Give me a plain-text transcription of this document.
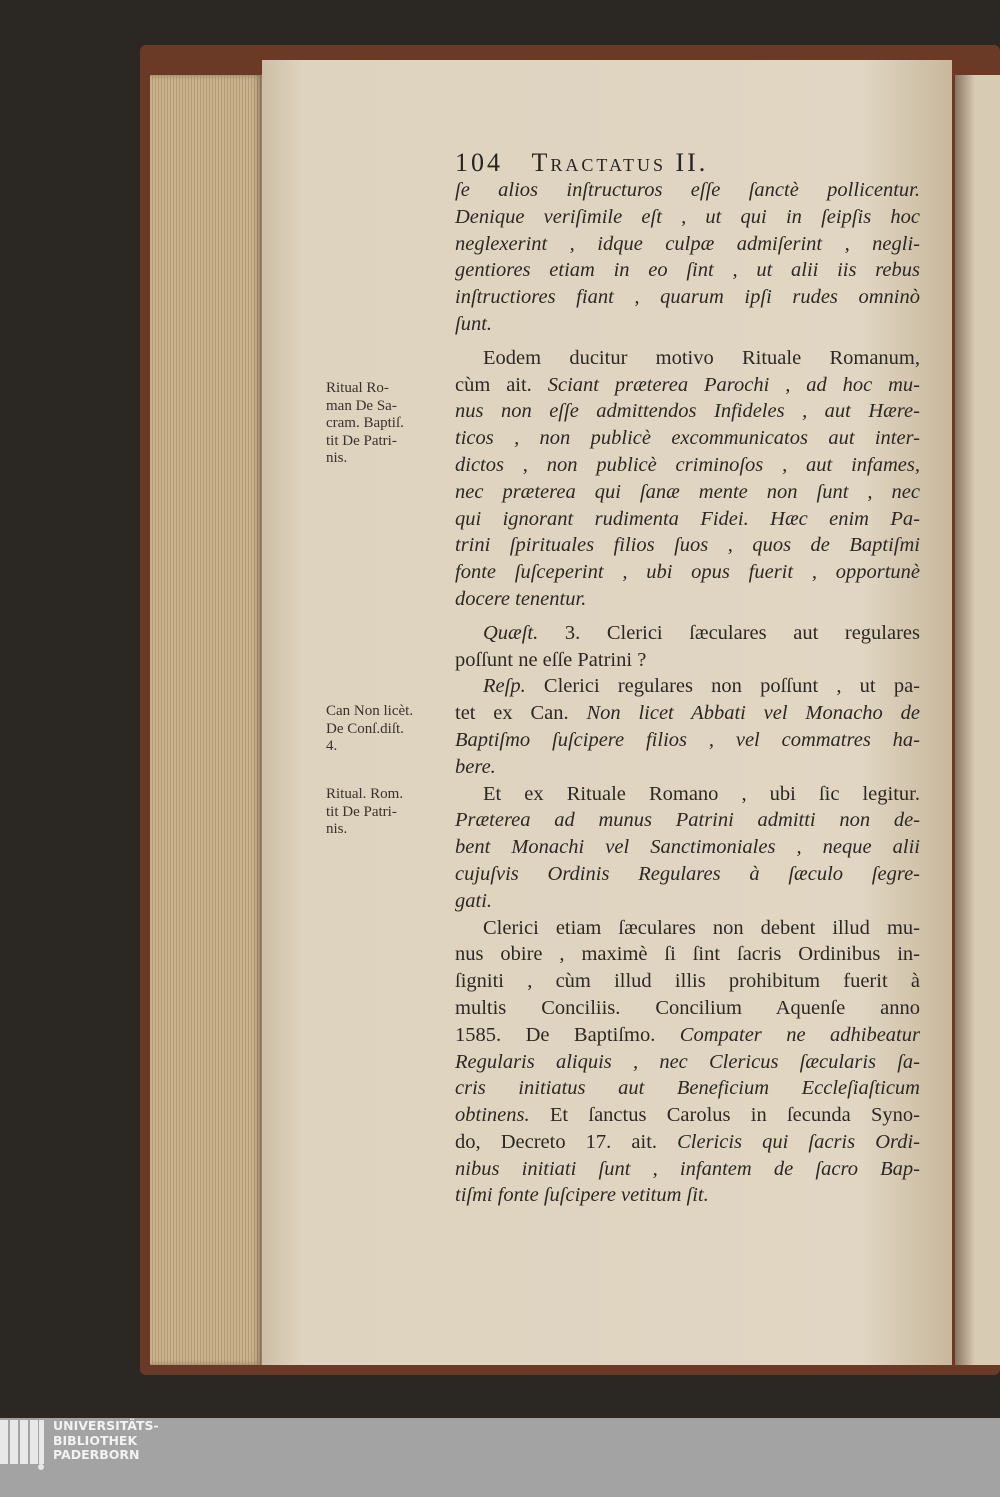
104 Tractatus II.
ſe alios inſtructuros eſſe ſanctè pollicentur.
Denique veriſimile eſt , ut qui in ſeipſis hoc
neglexerint , idque culpæ admiſerint , negli-
gentiores etiam in eo ſint , ut alii iis rebus
inſtructiores fiant , quarum ipſi rudes omninò
ſunt.
Eodem ducitur motivo Rituale Romanum,
cùm ait. Sciant præterea Parochi , ad hoc mu-
nus non eſſe admittendos Infideles , aut Hære-
ticos , non publicè excommunicatos aut inter-
dictos , non publicè criminoſos , aut infames,
nec præterea qui ſanæ mente non ſunt , nec
qui ignorant rudimenta Fidei. Hæc enim Pa-
trini ſpirituales filios ſuos , quos de Baptiſmi
fonte ſuſceperint , ubi opus fuerit , opportunè
docere tenentur.
Quæſt. 3. Clerici ſæculares aut regulares
poſſunt ne eſſe Patrini ?
Reſp. Clerici regulares non poſſunt , ut pa-
tet ex Can. Non licet Abbati vel Monacho de
Baptiſmo ſuſcipere filios , vel commatres ha-
bere.
Et ex Rituale Romano , ubi ſic legitur.
Præterea ad munus Patrini admitti non de-
bent Monachi vel Sanctimoniales , neque alii
cujuſvis Ordinis Regulares à ſæculo ſegre-
gati.
Clerici etiam ſæculares non debent illud mu-
nus obire , maximè ſi ſint ſacris Ordinibus in-
ſigniti , cùm illud illis prohibitum fuerit à
multis Conciliis. Concilium Aquenſe anno
1585. De Baptiſmo. Compater ne adhibeatur
Regularis aliquis , nec Clericus ſæcularis ſa-
cris initiatus aut Beneficium Eccleſiaſticum
obtinens. Et ſanctus Carolus in ſecunda Syno-
do, Decreto 17. ait. Clericis qui ſacris Ordi-
nibus initiati ſunt , infantem de ſacro Bap-
tiſmi fonte ſuſcipere vetitum ſit.
Ritual Ro-
man De Sa-
cram. Baptiſ.
tit De Patri-
nis.
Can Non licèt.
De Conſ.diſt.
4.
Ritual. Rom.
tit De Patri-
nis.
UNIVERSITÄTS-
BIBLIOTHEK
PADERBORN
